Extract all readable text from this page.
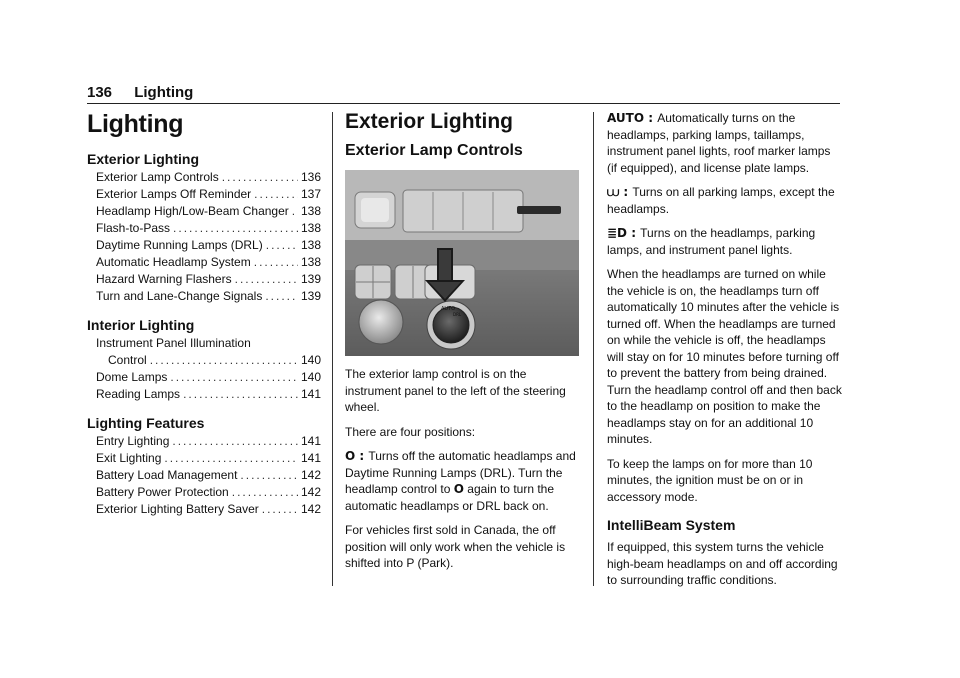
136 Lighting
Lighting
Exterior Lighting
Exterior Lamp Controls .....	136
Exterior Lamps Off Reminder .....	137
Headlamp High/Low-Beam Changer ..... 138
Flash-to-Pass .....	138
Daytime Running Lamps (DRL) .....	138
Automatic Headlamp System .....	138
Hazard Warning Flashers .....	139
Turn and Lane-Change Signals .....	139
Interior Lighting
Instrument Panel Illumination
Control .....	140
Dome Lamps .....	140
Reading Lamps .....	141
Lighting Features
Entry Lighting .....	141
Exit Lighting .....	141
Battery Load Management .....	142
Battery Power Protection .....	142
Exterior Lighting Battery Saver .....	142
Exterior Lighting
Exterior Lamp Controls
AUTO
DRL

The exterior lamp control is on the instrument panel to the left of the steering wheel.

There are four positions:

O : Turns off the automatic headlamps and Daytime Running Lamps (DRL). Turn the headlamp control to O again to turn the automatic headlamps or DRL back on.

For vehicles first sold in Canada, the off position will only work when the vehicle is shifted into P (Park).

AUTO : Automatically turns on the headlamps, parking lamps, taillamps, instrument panel lights, roof marker lamps (if equipped), and license plate lamps.

⩊ : Turns on all parking lamps, except the headlamps.

≣D : Turns on the headlamps, parking lamps, and instrument panel lights.

When the headlamps are turned on while the vehicle is on, the headlamps turn off automatically 10 minutes after the vehicle is turned off. When the headlamps are turned on while the vehicle is off, the headlamps will stay on for 10 minutes before turning off to prevent the battery from being drained. Turn the headlamp control off and then back to the headlamp on position to make the headlamps stay on for an additional 10 minutes.

To keep the lamps on for more than 10 minutes, the ignition must be on or in accessory mode.

IntelliBeam System

If equipped, this system turns the vehicle high-beam headlamps on and off according to surrounding traffic conditions.
